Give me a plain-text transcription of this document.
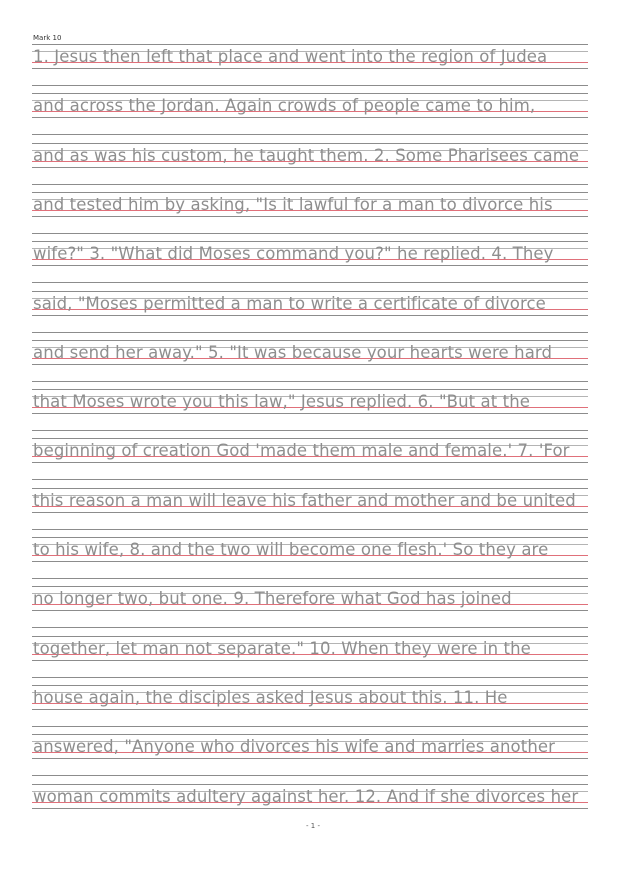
Mark 10
1. Jesus then left that place and went into the region of Judea
and across the Jordan. Again crowds of people came to him,
and as was his custom, he taught them. 2. Some Pharisees came
and tested him by asking, "Is it lawful for a man to divorce his
wife?" 3. "What did Moses command you?" he replied. 4. They
said, "Moses permitted a man to write a certificate of divorce
and send her away." 5. "It was because your hearts were hard
that Moses wrote you this law," Jesus replied. 6. "But at the
beginning of creation God 'made them male and female.' 7. 'For
this reason a man will leave his father and mother and be united
to his wife, 8. and the two will become one flesh.' So they are
no longer two, but one. 9. Therefore what God has joined
together, let man not separate." 10. When they were in the
house again, the disciples asked Jesus about this. 11. He
answered, "Anyone who divorces his wife and marries another
woman commits adultery against her. 12. And if she divorces her
- 1 -
